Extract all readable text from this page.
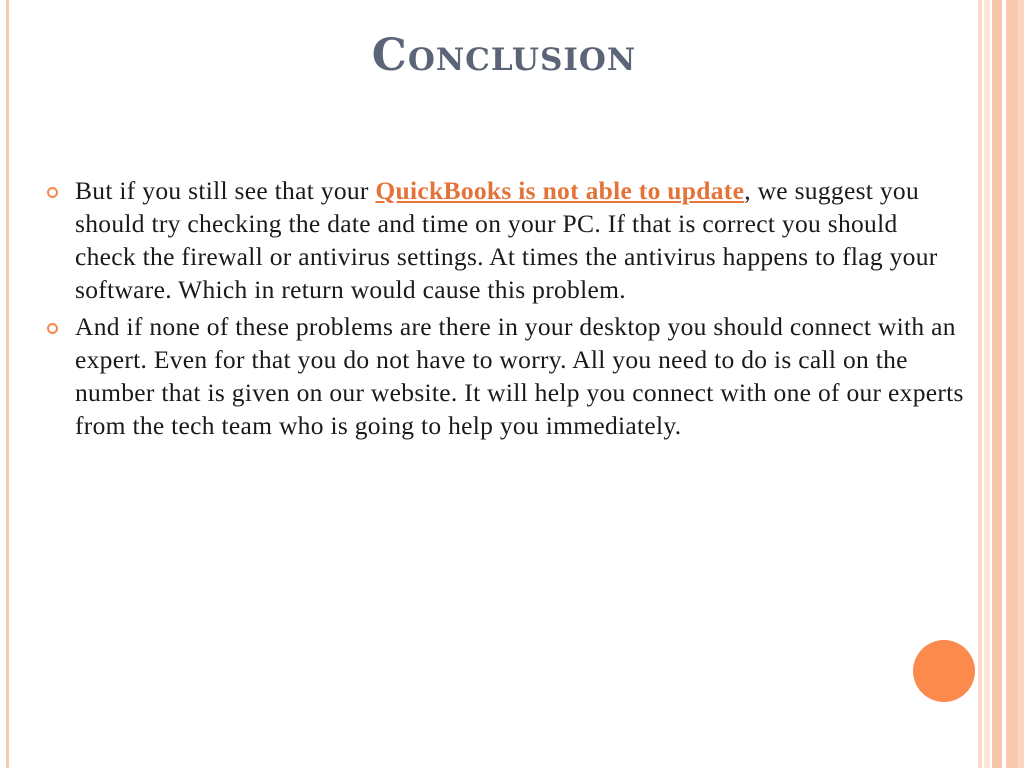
Conclusion
But if you still see that your QuickBooks is not able to update, we suggest you should try checking the date and time on your PC. If that is correct you should check the firewall or antivirus settings. At times the antivirus happens to flag your software. Which in return would cause this problem.
And if none of these problems are there in your desktop you should connect with an expert. Even for that you do not have to worry. All you need to do is call on the number that is given on our website. It will help you connect with one of our experts from the tech team who is going to help you immediately.
